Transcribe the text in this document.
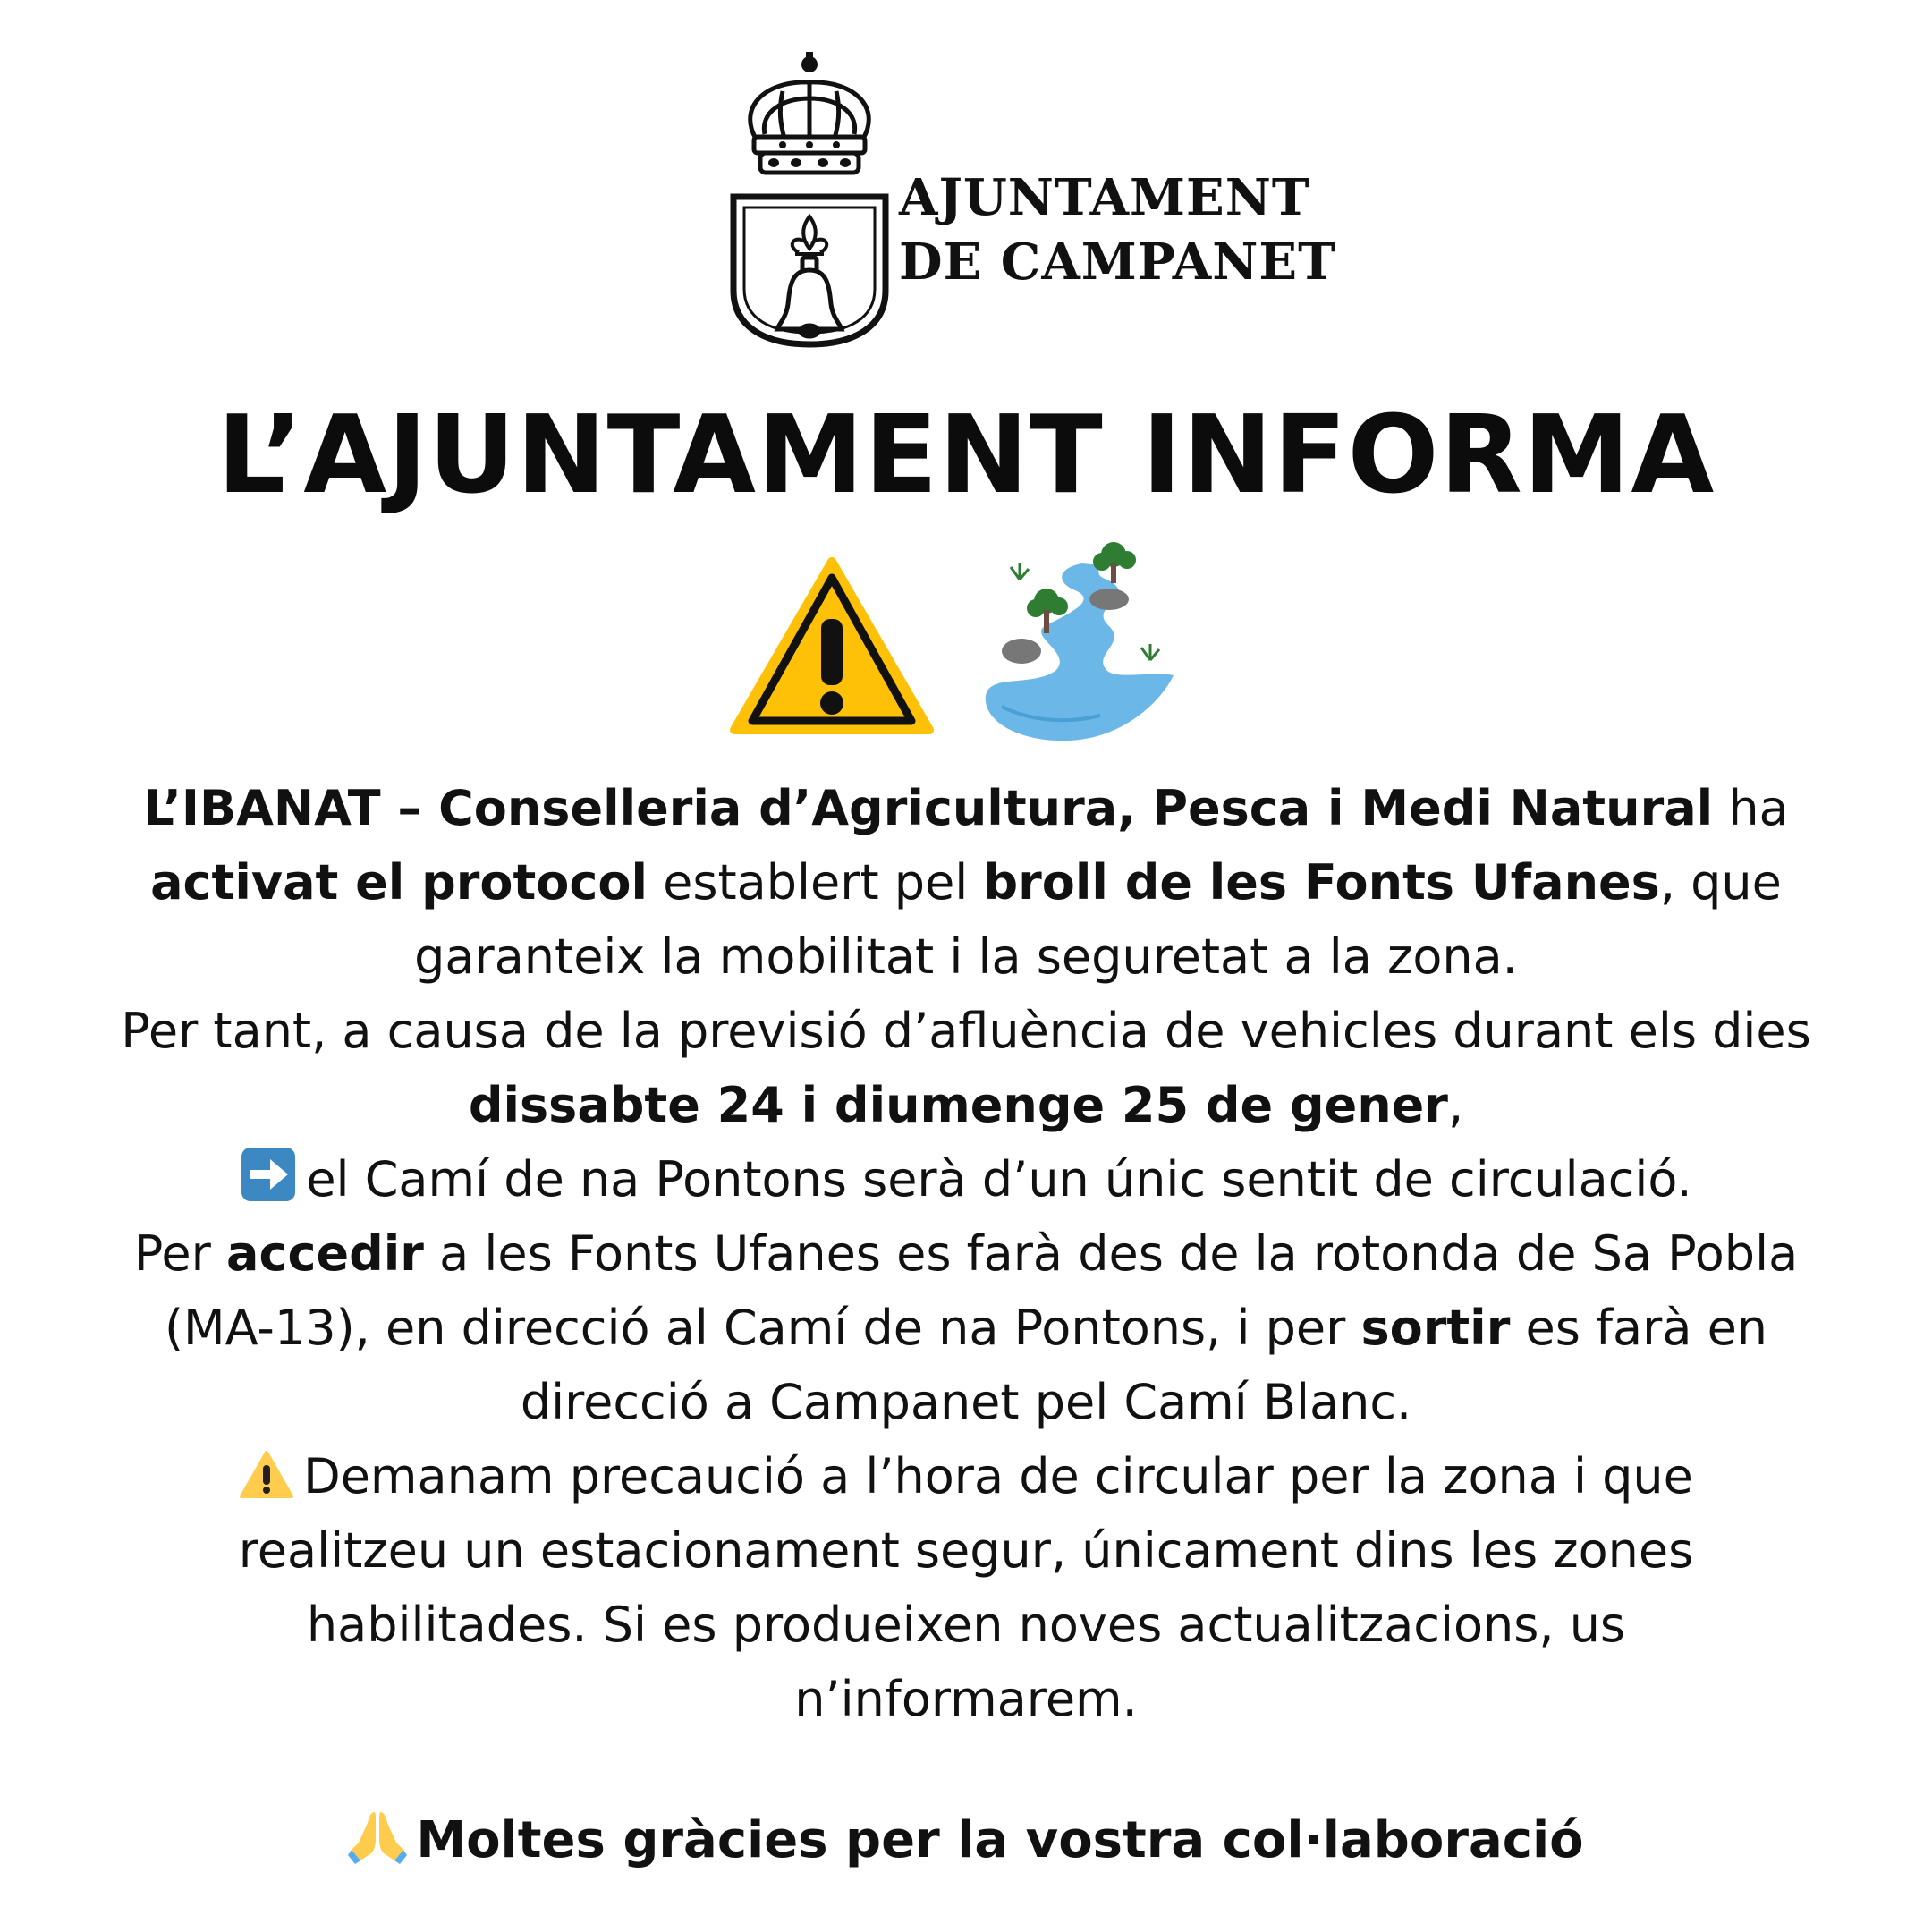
AJUNTAMENT
DE CAMPANET
L’AJUNTAMENT INFORMA

L’IBANAT – Conselleria d’Agricultura, Pesca i Medi Natural ha

activat el protocol establert pel broll de les Fonts Ufanes, que

garanteix la mobilitat i la seguretat a la zona.

Per tant, a causa de la previsió d’afluència de vehicles durant els dies

dissabte 24 i diumenge 25 de gener,

el Camí de na Pontons serà d’un únic sentit de circulació.

Per accedir a les Fonts Ufanes es farà des de la rotonda de Sa Pobla

(MA-13), en direcció al Camí de na Pontons, i per sortir es farà en

direcció a Campanet pel Camí Blanc.

Demanam precaució a l’hora de circular per la zona i que

realitzeu un estacionament segur, únicament dins les zones

habilitades. Si es produeixen noves actualitzacions, us

n’informarem.

Moltes gràcies per la vostra col·laboració
